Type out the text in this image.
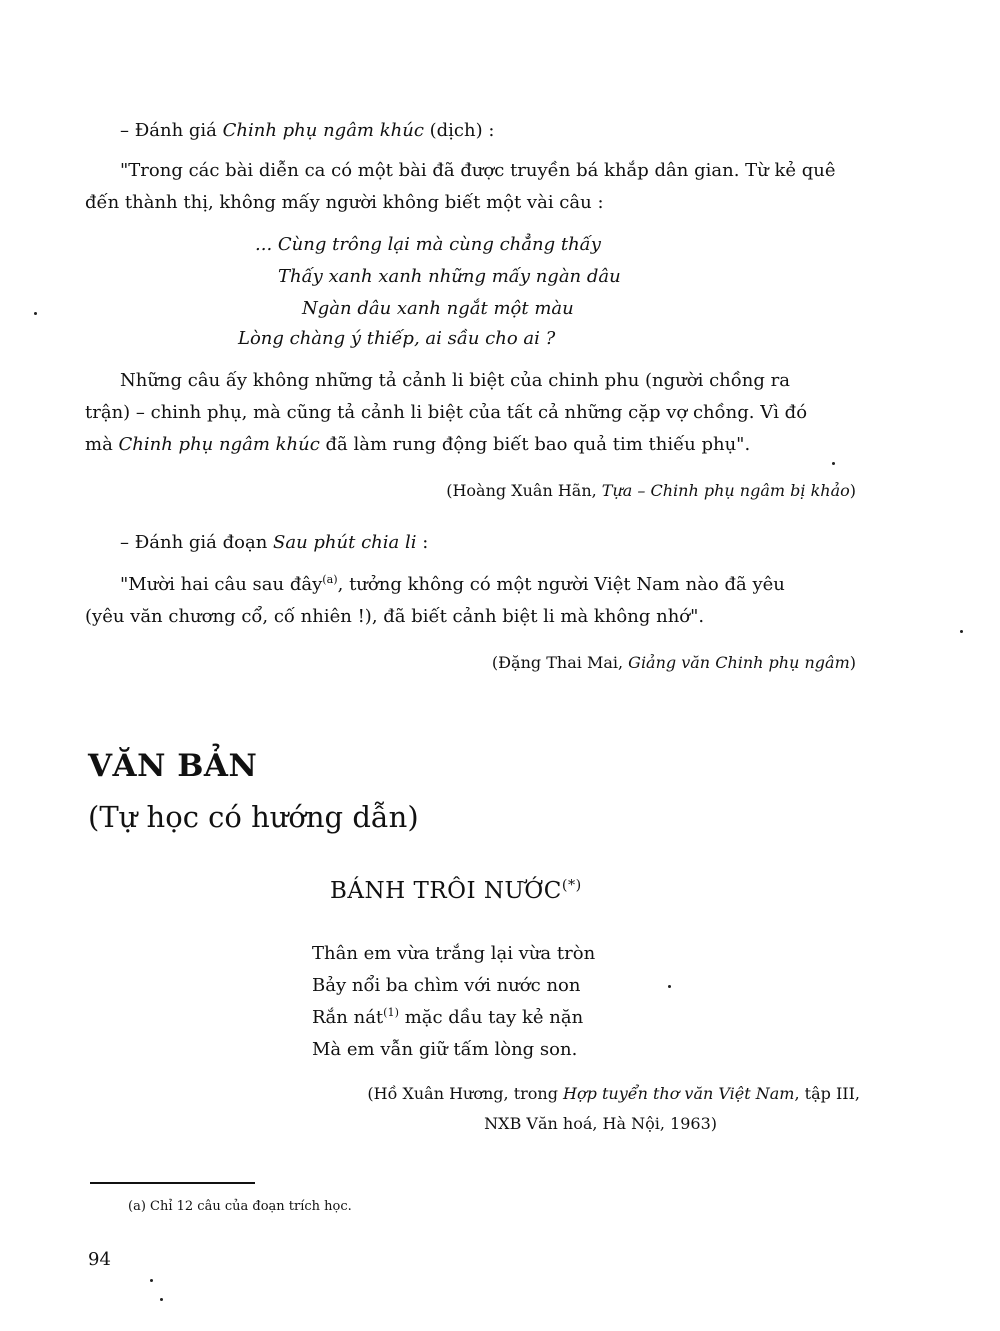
– Đánh giá Chinh phụ ngâm khúc (dịch) :
"Trong các bài diễn ca có một bài đã được truyền bá khắp dân gian. Từ kẻ quê
đến thành thị, không mấy người không biết một vài câu :
... Cùng trông lại mà cùng chẳng thấy
Thấy xanh xanh những mấy ngàn dâu
Ngàn dâu xanh ngắt một màu
Lòng chàng ý thiếp, ai sầu cho ai ?
Những câu ấy không những tả cảnh li biệt của chinh phu (người chồng ra
trận) – chinh phụ, mà cũng tả cảnh li biệt của tất cả những cặp vợ chồng. Vì đó
mà Chinh phụ ngâm khúc đã làm rung động biết bao quả tim thiếu phụ".
(Hoàng Xuân Hãn, Tựa – Chinh phụ ngâm bị khảo)
– Đánh giá đoạn Sau phút chia li :
"Mười hai câu sau đây$^{(a)}$, tưởng không có một người Việt Nam nào đã yêu
(yêu văn chương cổ, cố nhiên !), đã biết cảnh biệt li mà không nhớ".
(Đặng Thai Mai, Giảng văn Chinh phụ ngâm)
VĂN BẢN
(Tự học có hướng dẫn)
BÁNH TRÔI NƯỚC(*)
Thân em vừa trắng lại vừa tròn
Bảy nổi ba chìm với nước non
Rắn nát$^{(1)}$ mặc dầu tay kẻ nặn
Mà em vẫn giữ tấm lòng son.
(Hồ Xuân Hương, trong Hợp tuyển thơ văn Việt Nam, tập III,
NXB Văn hoá, Hà Nội, 1963)
(a) Chỉ 12 câu của đoạn trích học.
94
